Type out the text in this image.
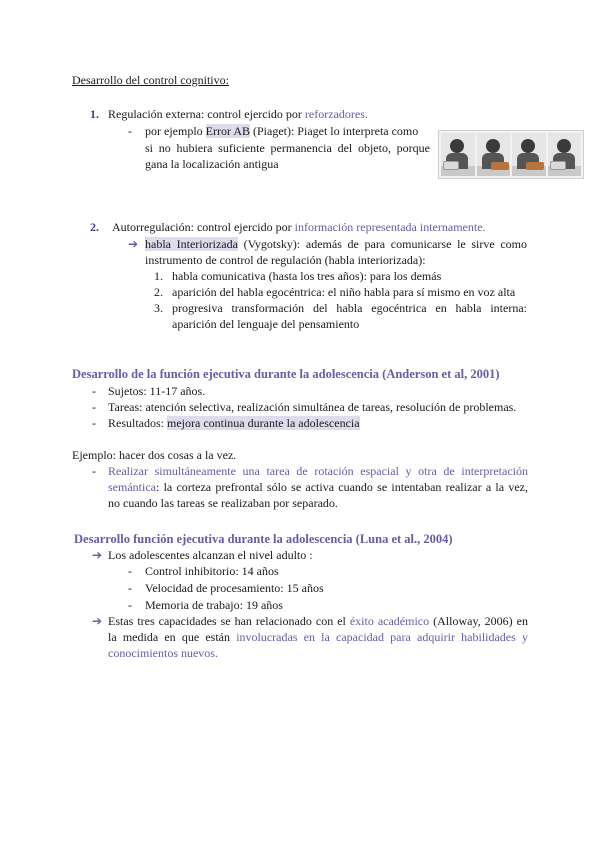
Desarrollo del control cognitivo:
1. Regulación externa: control ejercido por reforzadores.
- por ejemplo Error AB (Piaget): Piaget lo interpreta como
si no hubiera suficiente permanencia del objeto, porque
gana la localización antigua
2. Autorregulación: control ejercido por información representada internamente.
➔ habla Interiorizada (Vygotsky): además de para comunicarse le sirve como
instrumento de control de regulación (habla interiorizada):
1. habla comunicativa (hasta los tres años): para los demás
2. aparición del habla egocéntrica: el niño habla para sí mismo en voz alta
3. progresiva transformación del habla egocéntrica en habla interna:
aparición del lenguaje del pensamiento
Desarrollo de la función ejecutiva durante la adolescencia (Anderson et al, 2001)
- Sujetos: 11-17 años.
- Tareas: atención selectiva, realización simultánea de tareas, resolución de problemas.
- Resultados: mejora continua durante la adolescencia
Ejemplo: hacer dos cosas a la vez.
- Realizar simultáneamente una tarea de rotación espacial y otra de interpretación
semántica: la corteza prefrontal sólo se activa cuando se intentaban realizar a la vez,
no cuando las tareas se realizaban por separado.
Desarrollo función ejecutiva durante la adolescencia (Luna et al., 2004)
➔ Los adolescentes alcanzan el nivel adulto :
- Control inhibitorio: 14 años
- Velocidad de procesamiento: 15 años
- Memoria de trabajo: 19 años
➔ Estas tres capacidades se han relacionado con el éxito académico (Alloway, 2006) en
la medida en que están involucradas en la capacidad para adquirir habilidades y
conocimientos nuevos.
